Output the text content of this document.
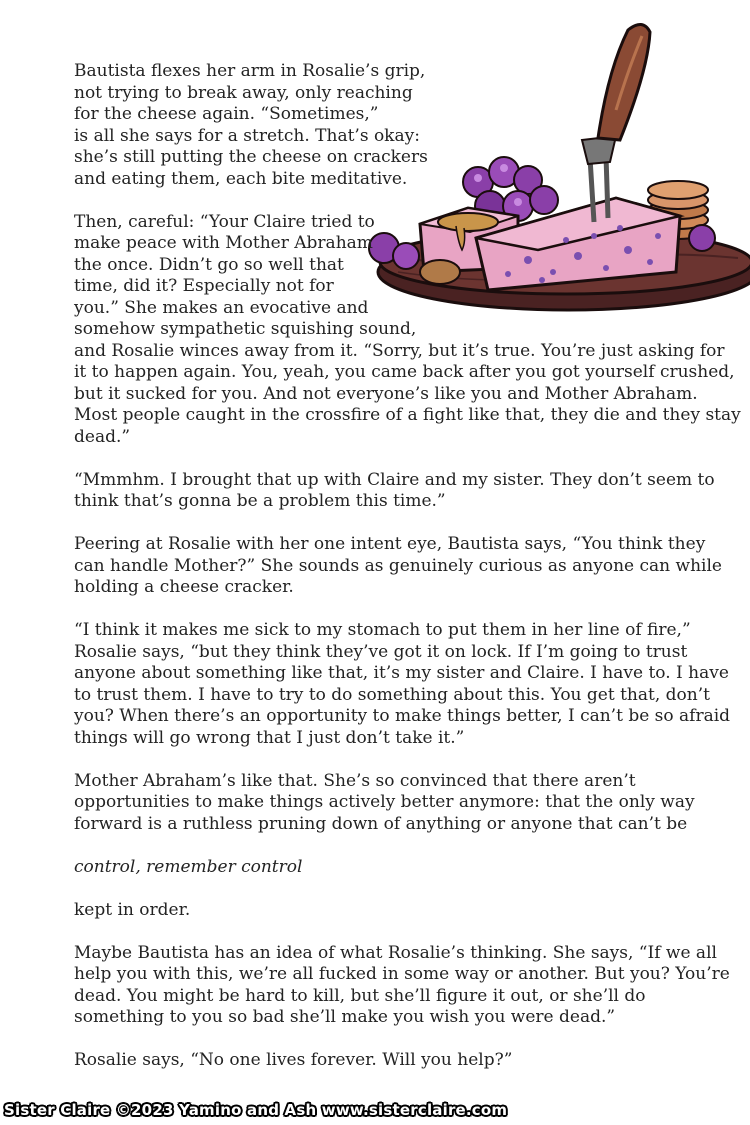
Bautista flexes her arm in Rosalie’s grip,
not trying to break away, only reaching
for the cheese again. “Sometimes,”
is all she says for a stretch. That’s okay:
she’s still putting the cheese on crackers
and eating them, each bite meditative.

Then, careful: “Your Claire tried to
make peace with Mother Abraham
the once. Didn’t go so well that
time, did it? Especially not for
you.” She makes an evocative and
somehow sympathetic squishing sound,
and Rosalie winces away from it. “Sorry, but it’s true. You’re just asking for
it to happen again. You, yeah, you came back after you got yourself crushed,
but it sucked for you. And not everyone’s like you and Mother Abraham.
Most people caught in the crossfire of a fight like that, they die and they stay
dead.”

“Mmmhm. I brought that up with Claire and my sister. They don’t seem to
think that’s gonna be a problem this time.”

Peering at Rosalie with her one intent eye, Bautista says, “You think they
can handle Mother?” She sounds as genuinely curious as anyone can while
holding a cheese cracker.

“I think it makes me sick to my stomach to put them in her line of fire,”
Rosalie says, “but they think they’ve got it on lock. If I’m going to trust
anyone about something like that, it’s my sister and Claire. I have to. I have
to trust them. I have to try to do something about this. You get that, don’t
you? When there’s an opportunity to make things better, I can’t be so afraid
things will go wrong that I just don’t take it.”

Mother Abraham’s like that. She’s so convinced that there aren’t
opportunities to make things actively better anymore: that the only way
forward is a ruthless pruning down of anything or anyone that can’t be

control, remember control

kept in order.

Maybe Bautista has an idea of what Rosalie’s thinking. She says, “If we all
help you with this, we’re all fucked in some way or another. But you? You’re
dead. You might be hard to kill, but she’ll figure it out, or she’ll do
something to you so bad she’ll make you wish you were dead.”

Rosalie says, “No one lives forever. Will you help?”

Sister Claire ©2023 Yamino and Ash www.sisterclaire.com
